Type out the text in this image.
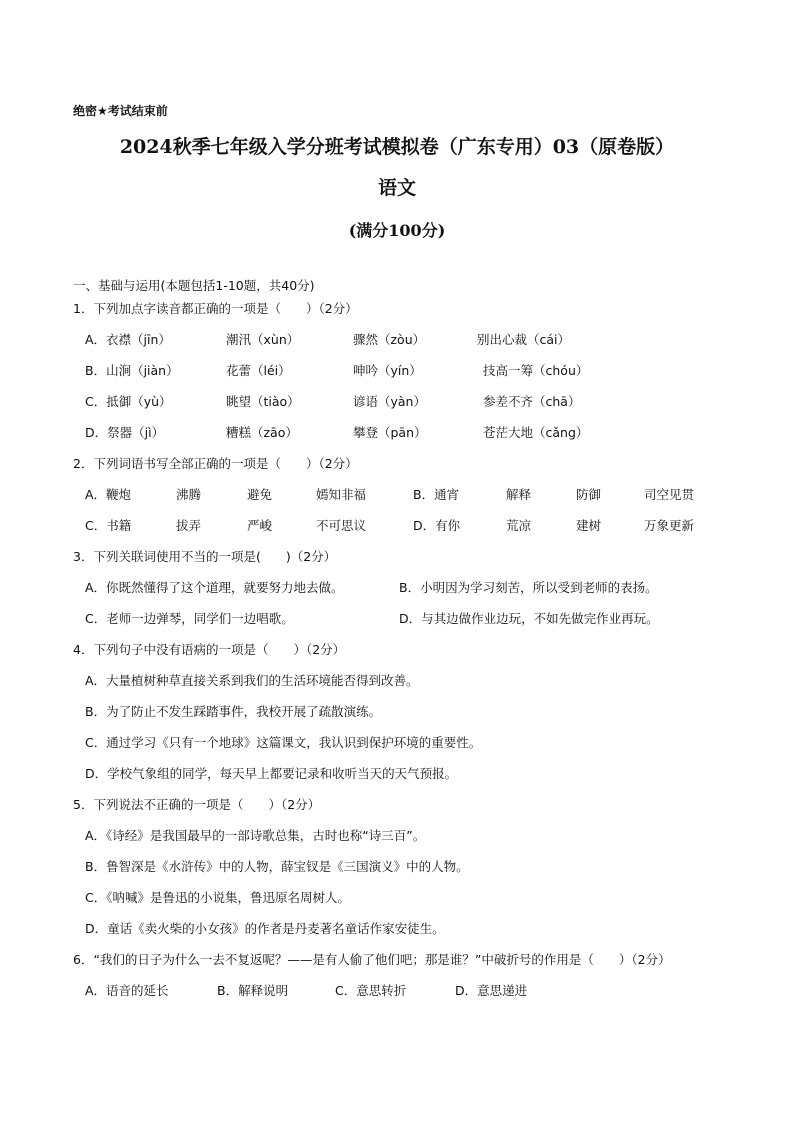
绝密★考试结束前
2024秋季七年级入学分班考试模拟卷（广东专用）03（原卷版）
语文
(满分100分)
一、基础与运用(本题包括1-10题，共40分)
1．下列加点字读音都正确的一项是（　　）（2分）
A．衣襟（jīn）	潮汛（xùn）	骤然（zòu）	别出心裁（cái）
B．山涧（jiàn）	花蕾（léi）	呻吟（yín）	技高一筹（chóu）
C．抵御（yù）	眺望（tiào）	谚语（yàn）	参差不齐（chā）
D．祭器（jì）	糟糕（zāo）	攀登（pān）	苍茫大地（cǎng）
2．下列词语书写全部正确的一项是（　　）（2分）
A．鞭炮	沸腾	避免	嫣知非福	B．通宵	解释	防御	司空见贯
C．书籍	拔弄	严峻	不可思议	D．有你	荒凉	建树	万象更新
3．下列关联词使用不当的一项是(　　)（2分）
A．你既然懂得了这个道理，就要努力地去做。	B．小明因为学习刻苦，所以受到老师的表扬。
C．老师一边弹琴，同学们一边唱歌。	D．与其边做作业边玩，不如先做完作业再玩。
4．下列句子中没有语病的一项是（　　）（2分）
A．大量植树种草直接关系到我们的生活环境能否得到改善。
B．为了防止不发生踩踏事件，我校开展了疏散演练。
C．通过学习《只有一个地球》这篇课文，我认识到保护环境的重要性。
D．学校气象组的同学，每天早上都要记录和收听当天的天气预报。
5．下列说法不正确的一项是（　　）（2分）
A．《诗经》是我国最早的一部诗歌总集，古时也称“诗三百”。
B．鲁智深是《水浒传》中的人物，薛宝钗是《三国演义》中的人物。
C．《呐喊》是鲁迅的小说集，鲁迅原名周树人。
D．童话《卖火柴的小女孩》的作者是丹麦著名童话作家安徒生。
6．“我们的日子为什么一去不复返呢？——是有人偷了他们吧；那是谁？”中破折号的作用是（　　）（2分）
A．语音的延长	B．解释说明	C．意思转折	D．意思递进
